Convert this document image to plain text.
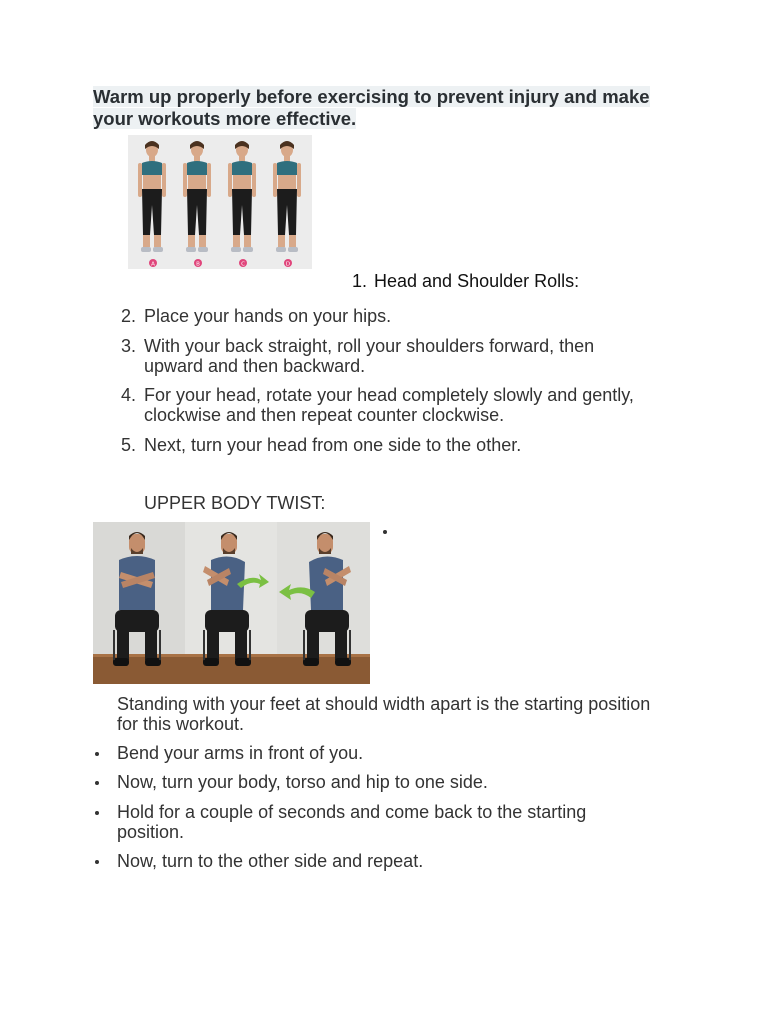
Warm up properly before exercising to prevent injury and make
your workouts more effective.
A	B	C	D
1. Head and Shoulder Rolls:
2. Place your hands on your hips.
3. With your back straight, roll your shoulders forward, then
upward and then backward.
4. For your head, rotate your head completely slowly and gently,
clockwise and then repeat counter clockwise.
5. Next, turn your head from one side to the other.
UPPER BODY TWIST:
Standing with your feet at should width apart is the starting position
for this workout.
Bend your arms in front of you.
Now, turn your body, torso and hip to one side.
Hold for a couple of seconds and come back to the starting
position.
Now, turn to the other side and repeat.
